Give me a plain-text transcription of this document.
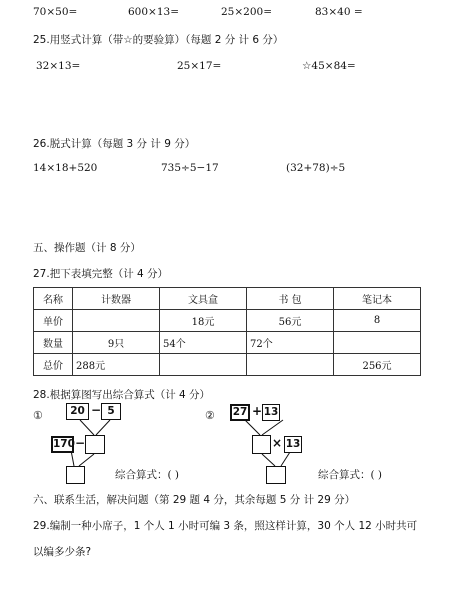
70×50=	600×13=	25×200=	83×40 =
25.用竖式计算（带☆的要验算）（每题 2 分 计 6 分）
32×13=	25×17=	☆45×84=
26.脱式计算（每题 3 分 计 9 分）
14×18+520	735÷5−17	(32+78)÷5
五、操作题（计 8 分）
27.把下表填完整（计 4 分）
名称	计数器	文具盒	书 包	笔记本
单价		18元	56元	8
数量	9只	54个	72个	
总价	288元			256元
28.根据算图写出综合算式（计 4 分）
①	20 − 5
170 −
综合算式：( )
② 27 + 13
× 13
综合算式：( )
六、联系生活，解决问题（第 29 题 4 分，其余每题 5 分 计 29 分）
29.编制一种小席子，1 个人 1 小时可编 3 条，照这样计算，30 个人 12 小时共可
以编多少条?
